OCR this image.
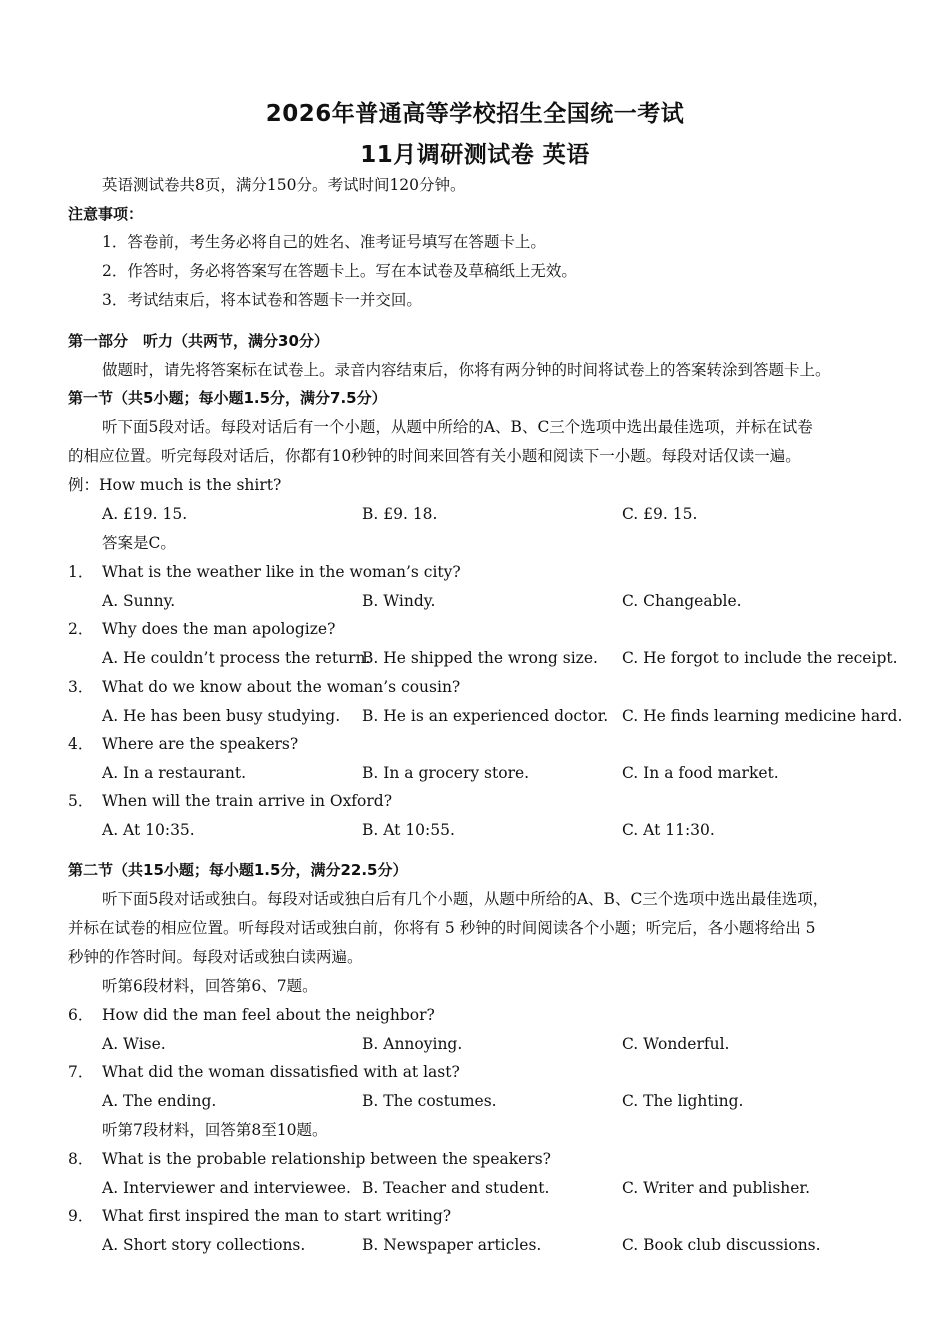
2026年普通高等学校招生全国统一考试
11月调研测试卷 英语
英语测试卷共8页，满分150分。考试时间120分钟。
注意事项：
1．答卷前，考生务必将自己的姓名、准考证号填写在答题卡上。
2．作答时，务必将答案写在答题卡上。写在本试卷及草稿纸上无效。
3．考试结束后，将本试卷和答题卡一并交回。
第一部分　听力（共两节，满分30分）
做题时，请先将答案标在试卷上。录音内容结束后，你将有两分钟的时间将试卷上的答案转涂到答题卡上。
第一节（共5小题；每小题1.5分，满分7.5分）
听下面5段对话。每段对话后有一个小题，从题中所给的A、B、C三个选项中选出最佳选项，并标在试卷
的相应位置。听完每段对话后，你都有10秒钟的时间来回答有关小题和阅读下一小题。每段对话仅读一遍。
例：How much is the shirt?
A. £19. 15.	B. £9. 18.	C. £9. 15.
答案是C。
1． What is the weather like in the woman’s city?
A. Sunny.	B. Windy.	C. Changeable.
2． Why does the man apologize?
A. He couldn’t process the return.
B. He shipped the wrong size. C. He forgot to include the receipt.
3． What do we know about the woman’s cousin?
A. He has been busy studying. B. He is an experienced doctor. C. He finds learning medicine hard.
4． Where are the speakers?
A. In a restaurant.	B. In a grocery store.	C. In a food market.
5． When will the train arrive in Oxford?
A. At 10:35.	B. At 10:55.	C. At 11:30.
第二节（共15小题；每小题1.5分，满分22.5分）
听下面5段对话或独白。每段对话或独白后有几个小题，从题中所给的A、B、C三个选项中选出最佳选项，
并标在试卷的相应位置。听每段对话或独白前，你将有 5 秒钟的时间阅读各个小题；听完后，各小题将给出 5
秒钟的作答时间。每段对话或独白读两遍。
听第6段材料，回答第6、7题。
6． How did the man feel about the neighbor?
A. Wise.	B. Annoying.	C. Wonderful.
7． What did the woman dissatisfied with at last?
A. The ending.	B. The costumes.	C. The lighting.
听第7段材料，回答第8至10题。
8． What is the probable relationship between the speakers?
A. Interviewer and interviewee. B. Teacher and student.	C. Writer and publisher.
9． What first inspired the man to start writing?
A. Short story collections.	B. Newspaper articles.	C. Book club discussions.
